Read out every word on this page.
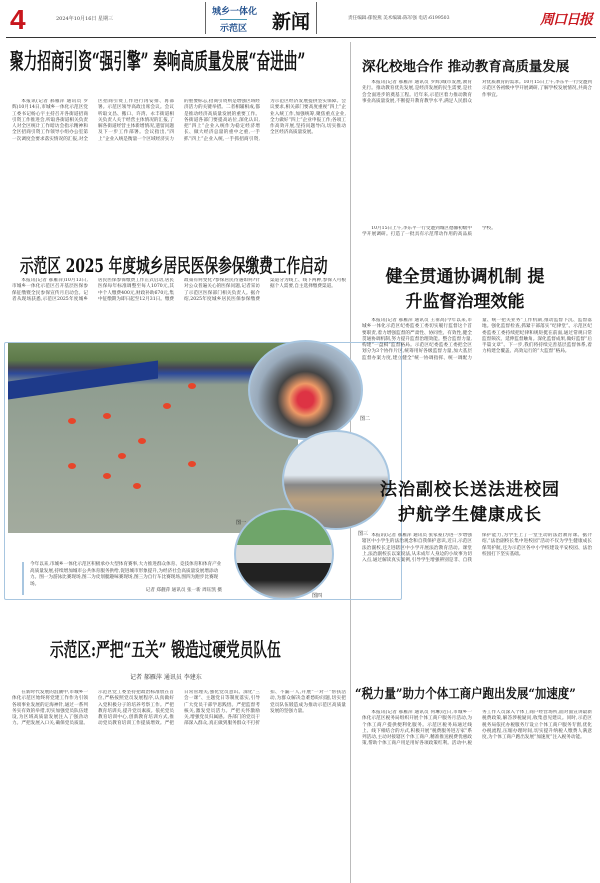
4	2024年10月16日 星期三
城乡一体化
示范区 新闻	责任编辑:郁悦燕 美术编辑:陈军强 电话:6199503	周口日报
聚力招商引资“强引擎” 奏响高质量发展“奋进曲”

本报讯(记者 郝雁萍 通讯员 罗辉)10月14日,市城乡一体化示范区党工委书记杨心宇主持召开各街道招商引资工作推进会,听取各街道相关负责人对全区统计工作暗访会指示精神和全区招商引资工作领导小组办公室第一次调度会要求落实情况的汇报,对全区招商引资工作进行再安排、再部署。示范区领导高政出席会议。会议听取文昌、搬口、许湾、永丰街道相关负责人关于经营主体情况的汇报,了解各街道经营主体新增情况,遗留问题及下一步工作部署。会议指出,“四上”企业入统是衡量一个区域经济实力的重要标志,招商引资则是增强区域经济活力的关键举措。二者相辅相成,都是推动经济高质量发展的重要工作。各街道各部门要提高站位,深化认识,把“四上”企业入统作为稳定经济增长、做大经济总量的重中之重,一手抓“四上”企业入统,一手抓招商引资,为示范区经济发展提供坚实保障。会议要求,相关部门要高度重视“四上”企业入统工作,加强统筹,聚焦重点企业,全力做好“四上”企业申报工作;各项工作高效开展,坚持问题导向,切实推动全区经济高质量发展。

示范区 2025 年度城乡居民医保参保缴费工作启动

本报讯(记者 郝雁萍)10月13日,市城乡一体化示范区召开基层医保参保征缴暨全民参保宣传月启动会。记者从现场获悉,示范区2025年度城乡居民医保参保缴费工作正式启动,居民医保每年标准调整至每人1070元,其中个人缴费400元,财政补助670元,集中征缴期为即日起至12月31日。缴费政策有何变化?参保居民待遇如何?针对公众普遍关心的医保问题,记者采访了示范区医保部门相关负责人。据介绍,2025年度城乡居民医保参保缴费渠道分为线上、线下两种,参保人可根据个人需要,自主选择缴费渠道。

图一
图二
图三
图四

今年以来,市城乡一体化示范区积极承办大型体育赛事,大力推进群众体育、竞技体育和体育产业高质量发展,持续增加城市公共体育服务供给,促进城市形象提升,为经济社会高质量发展增添动力。图一为游泳比赛现场,图二为皮划艇趣味赛现场,图三为自行车比赛现场,图四为跑步比赛现场。

记者 郑靓萍 通讯员 张一新 周钰凯 摄

示范区:严把“五关” 锻造过硬党员队伍
记者 郝雁萍 通讯员 李建东

在新时代发展的浪潮中,市城乡一体化示范区始终将党建工作作为引领各项事业发展的定海神针,通过一系列务实有效的举措,切实加强党员队伍建设,为区域高质量发展注入了强劲动力。严把发展入口关,确保党员质量。示范区党工委坚持把政治标准放在首位,严格按照党员发展程序,认真做好入党积极分子的培养考察工作。严把教育培训关,提升党员素质。依托党员教育培训中心,创新教育培训方式,推动党员教育培训工作提质增效。严把日常管理关,强化党员意识。深化“三会一课”、主题党日等制度落实,引导广大党员干部学思践悟。严把监督考核关,激发党员活力。严把关怀激励关,增强党员归属感。各部门的党员干部深入群众,真正做到服务群众不打折扣、不漏一人,开展“一对一”帮扶活动,为群众解决急难愁盼问题,切实把党员队伍锻造成为推动示范区高质量发展的坚强力量。

深化校地合作 推动教育高质量发展

本报讯(记者 郝雁萍 通讯员 罗辉)城市发展,教育先行。推动教育优先发展,是经济发展的民生需要,是社会全面进步的奠基工程。近年来,示范区着力推动教育事业高质量发展,不断提升教育教学水平,满足人民群众对优质教育的需求。10月15日上午,李东平一行受邀到示范区各初级中学开展调研,了解学校发展情况,共商合作事宜。

10月15日上午,李东平一行受邀到城区德馨初级中学开展调研。打造了一批具有示范带动作用的高品质学校。

健全贯通协调机制 提升监督治理效能

本报讯(记者 郝雁萍 通讯员 王垂高)今年以来,市城乡一体化示范区纪委监委工委切实履行监督这个首要职责,着力增强监督的严肃性、协同性、有效性,健全贯通协调机制,努力提升监督治理效能。整合监督力量,构建“一盘棋”监督格局。示范区纪委监委工委把全区划分为3个协作片区,统筹用好各级监督力量,加大基层监督办案力度,建立健全“统一协调指挥、统一调配力量、统一把关业务”工作机制,推动监督下沉、监督落地。强化监督检查,抓紧干部落实“纪律堂”。示范区纪委监委工委持续把纪律和规矩挺在前面,通过常规日常监督频次、延伸监督触角。深化监督成果,做好监督“后半篇文章”。下一步,我们将持续完善基层监督体系,着力构建全覆盖、高效运行的“大监督”格局。

法治副校长送法进校园 护航学生健康成长

本报讯(记者 郝雁萍 通讯员 张家豪)为进一步增强辖区中小学生的法治观念和自我保护意识,近日,示范区法治副校长走进辖区中小学开展法治教育活动。课堂上,法治副校长以案说法,从未成年人身边的小故事为切入点,通过解读真实案例,引导学生增强辨别是非、自我保护能力,为学生上了一堂生动的法治教育课。据介绍,“法治副校长集中进校园”活动不仅为学生健康成长保驾护航,还为示范区各中小学校建设平安校园、法治校园打下坚实基础。

“税力量”助力个体工商户跑出发展“加速度”

本报讯(记者 郝雁萍 通讯员 何琳)近日,市城乡一体化示范区税务局组织开展个体工商户服务月活动,为个体工商户提供便利化服务。示范区税务局通过线上、线下相结合的方式,积极开展“税费服务进万家”系列活动,主动对接辖区个体工商户,精准推送税费优惠政策,帮助个体工商户用足用好各项政策红利。活动中,税务工作人员深入个体工商户经营场所,面对面宣讲最新税费政策,解答涉税疑问,收集意见建议。同时,示范区税务局依托办税服务厅设立个体工商户服务专窗,优化办税流程,压缩办理时间,切实提升纳税人缴费人满意度,为个体工商户跑出发展“加速度”注入税务动能。
